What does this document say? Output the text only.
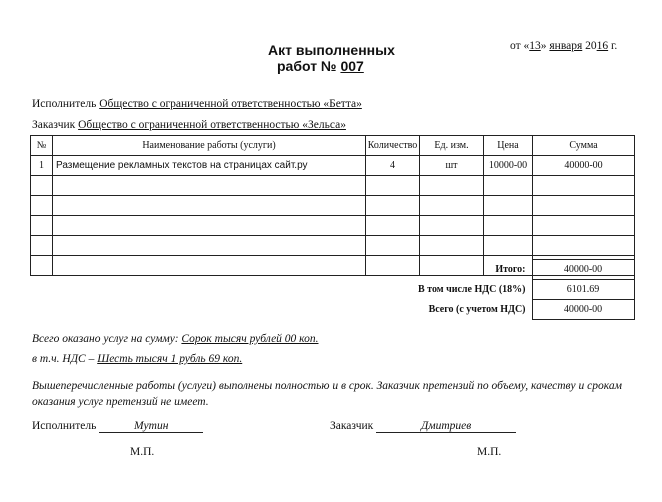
Акт выполненных
работ № 007
от «13» января 2016 г.
Исполнитель Общество с ограниченной ответственностью «Бетта»
Заказчик Общество с ограниченной ответственностью «Зельса»
№	Наименование работы (услуги)	Количество	Ед. изм.	Цена	Сумма
1	Размещение рекламных текстов на страницах сайт.ру	4	шт	10000-00	40000-00

Итого:	40000-00
В том числе НДС (18%)	6101.69
Всего (с учетом НДС)	40000-00
Всего оказано услуг на сумму: Сорок тысяч рублей 00 коп.
в т.ч. НДС – Шесть тысяч 1 рубль 69 коп.
Вышеперечисленные работы (услуги) выполнены полностью и в срок. Заказчик претензий по объему, качеству и срокам
оказания услуг претензий не имеет.
Исполнитель	Мутин	Заказчик	Дмитриев
М.П.	М.П.
